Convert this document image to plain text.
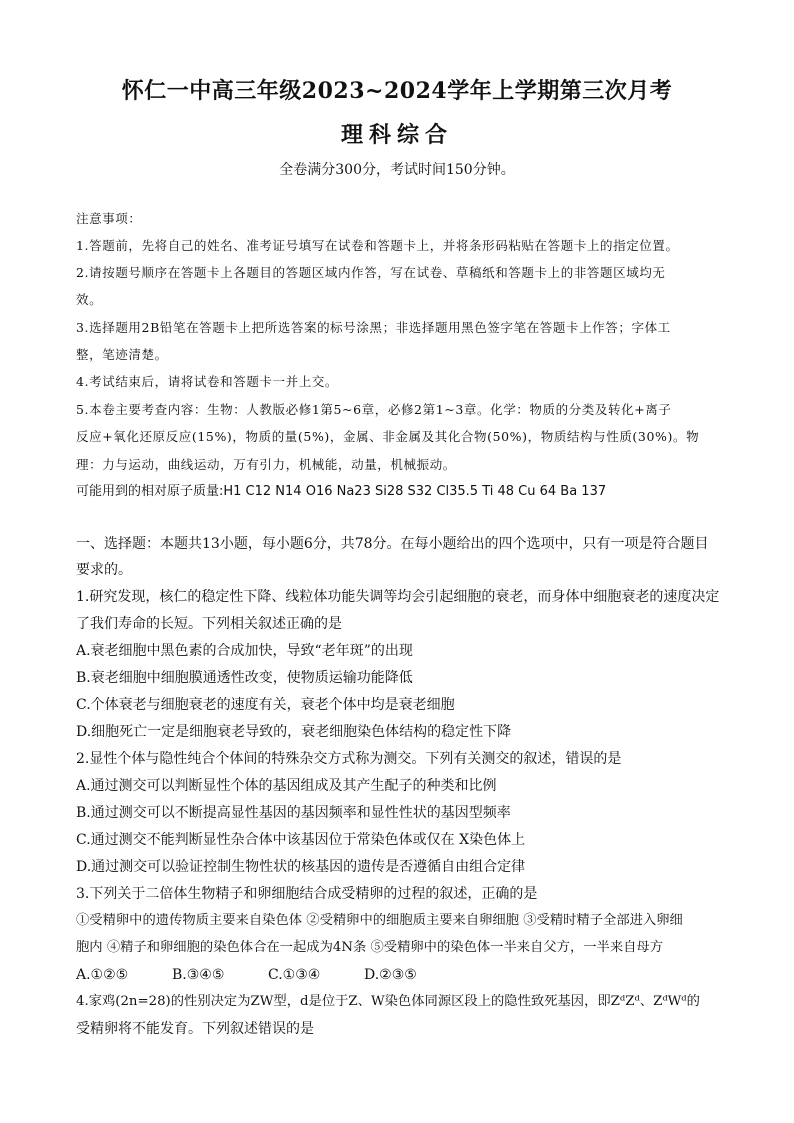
怀仁一中高三年级2023~2024学年上学期第三次月考
理科综合
全卷满分300分，考试时间150分钟。
注意事项：
1.答题前，先将自己的姓名、准考证号填写在试卷和答题卡上，并将条形码粘贴在答题卡上的指定位置。
2.请按题号顺序在答题卡上各题目的答题区域内作答，写在试卷、草稿纸和答题卡上的非答题区域均无
效。
3.选择题用2B铅笔在答题卡上把所选答案的标号涂黑；非选择题用黑色签字笔在答题卡上作答；字体工
整，笔迹清楚。
4.考试结束后，请将试卷和答题卡一并上交。
5.本卷主要考查内容：生物：人教版必修1第5~6章，必修2第1~3章。化学：物质的分类及转化+离子
反应+氧化还原反应(15%)，物质的量(5%)，金属、非金属及其化合物(50%)，物质结构与性质(30%)。物
理：力与运动，曲线运动，万有引力，机械能，动量，机械振动。
可能用到的相对原子质量:H1 C12 N14 O16 Na23 Si28 S32 Cl35.5 Ti 48 Cu 64 Ba 137
一、选择题：本题共13小题，每小题6分，共78分。在每小题给出的四个选项中，只有一项是符合题目
要求的。
1.研究发现，核仁的稳定性下降、线粒体功能失调等均会引起细胞的衰老，而身体中细胞衰老的速度决定
了我们寿命的长短。下列相关叙述正确的是
A.衰老细胞中黑色素的合成加快，导致“老年斑”的出现
B.衰老细胞中细胞膜通透性改变，使物质运输功能降低
C.个体衰老与细胞衰老的速度有关，衰老个体中均是衰老细胞
D.细胞死亡一定是细胞衰老导致的，衰老细胞染色体结构的稳定性下降
2.显性个体与隐性纯合个体间的特殊杂交方式称为测交。下列有关测交的叙述，错误的是
A.通过测交可以判断显性个体的基因组成及其产生配子的种类和比例
B.通过测交可以不断提高显性基因的基因频率和显性性状的基因型频率
C.通过测交不能判断显性杂合体中该基因位于常染色体或仅在 X染色体上
D.通过测交可以验证控制生物性状的核基因的遗传是否遵循自由组合定律
3.下列关于二倍体生物精子和卵细胞结合成受精卵的过程的叙述，正确的是
①受精卵中的遗传物质主要来自染色体 ②受精卵中的细胞质主要来自卵细胞 ③受精时精子全部进入卵细
胞内 ④精子和卵细胞的染色体合在一起成为4N条 ⑤受精卵中的染色体一半来自父方，一半来自母方
A.①②⑤	B.③④⑤	C.①③④	D.②③⑤
4.家鸡(2n=28)的性别决定为ZW型，d是位于Z、W染色体同源区段上的隐性致死基因，即ZᵈZᵈ、ZᵈWᵈ的
受精卵将不能发育。下列叙述错误的是
